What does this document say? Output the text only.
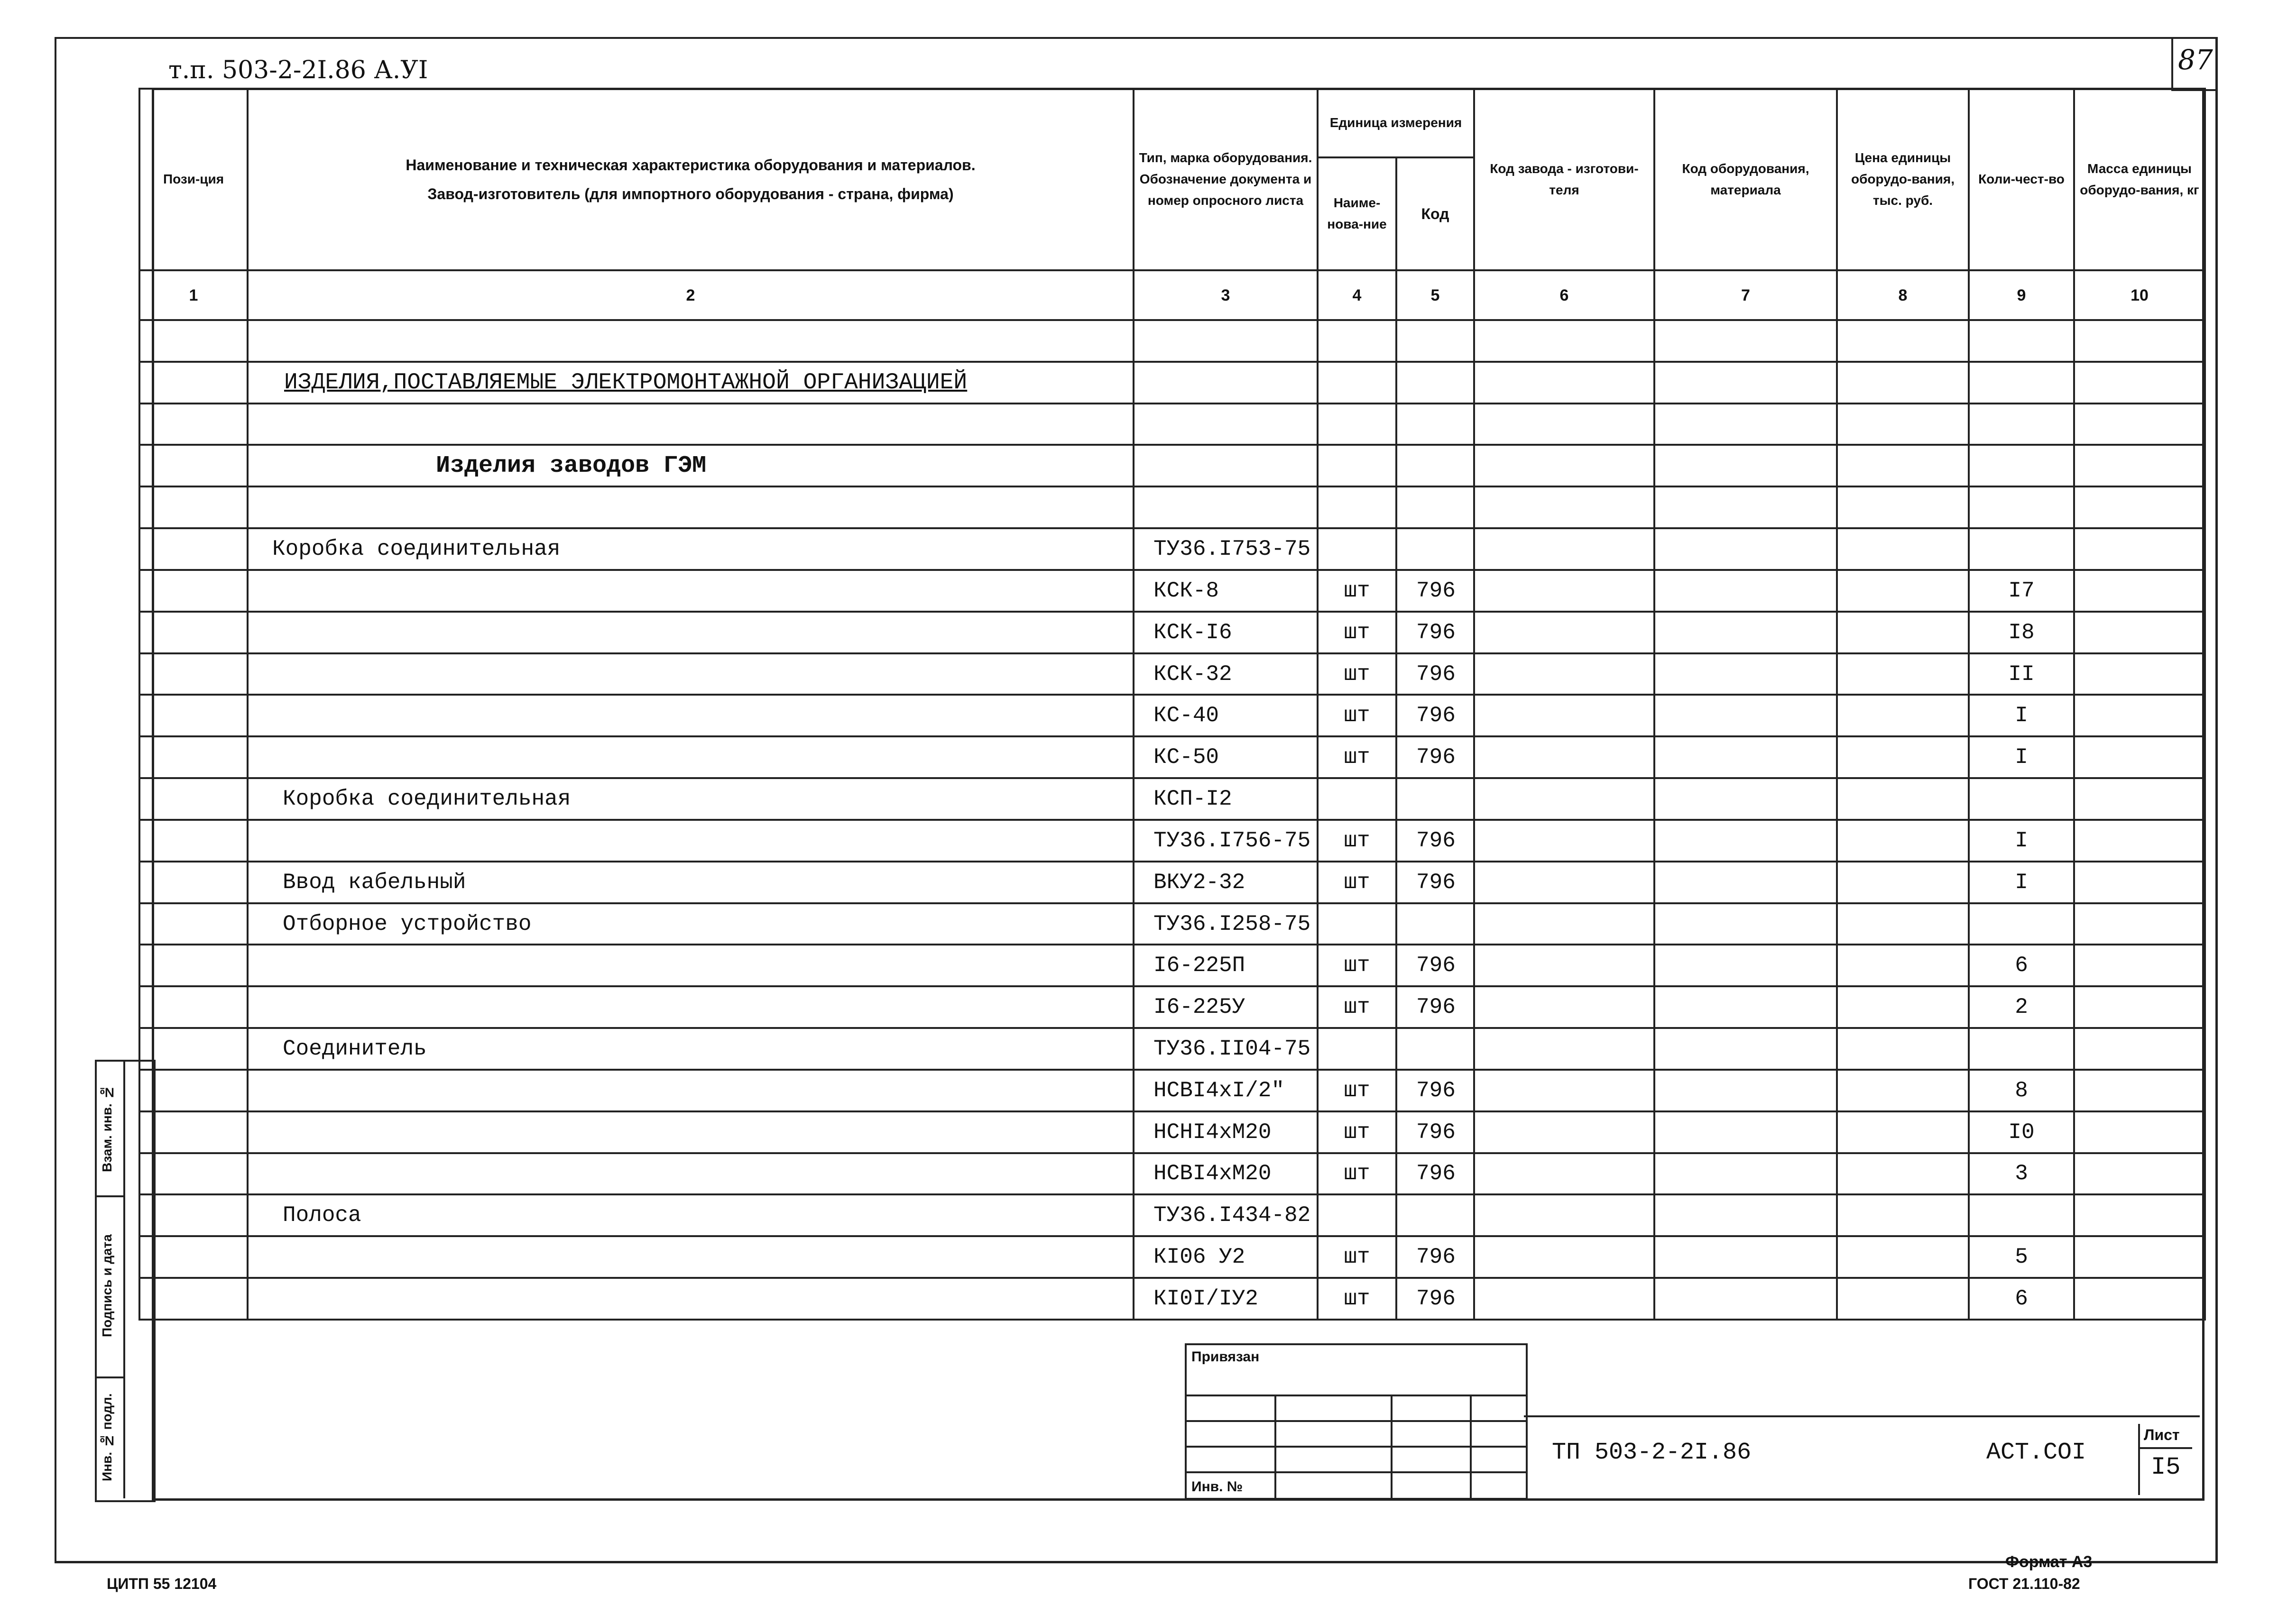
87
т.п. 503-2-2I.86 А.УI
Пози-ция	Наименование и техническая характеристика оборудования и материалов.
Завод-изготовитель (для импортного оборудования - страна, фирма)	Тип, марка оборудования. Обозначение документа и номер опросного листа	Единица измерения		Код завода - изготови-теля	Код оборудования, материала	Цена единицы оборудо-вания, тыс. руб.	Коли-чест-во	Масса единицы оборудо-вания, кг
			Наиме-нова-ние	Код					
1	2	3	4	5	6	7	8	9	10

	ИЗДЕЛИЯ,ПОСТАВЛЯЕМЫЕ ЭЛЕКТРОМОНТАЖНОЙ ОРГАНИЗАЦИЕЙ								

	Изделия заводов ГЭМ								

	Коробка соединительная	ТУ36.I753-75							
		КСК-8	шт	796				I7	
		КСК-I6	шт	796				I8	
		КСК-32	шт	796				II	
		КС-40	шт	796				I	
		КС-50	шт	796				I	
	Коробка соединительная	КСП-I2							
		ТУ36.I756-75	шт	796				I	
	Ввод кабельный	ВКУ2-32	шт	796				I	
	Отборное устройство	ТУ36.I258-75							
		I6-225П	шт	796				6	
		I6-225У	шт	796				2	
	Соединитель	ТУ36.II04-75							
		НСВI4хI/2"	шт	796				8	
		НСНI4хМ20	шт	796				I0	
		НСВI4хМ20	шт	796				3	
	Полоса	ТУ36.I434-82							
		КI06 У2	шт	796				5	
		КI0I/IУ2	шт	796				6	
Взам. инв. №
Подпись и дата
Инв. № подл.
Привязан
Инв. №
ТП 503-2-2I.86	АСТ.СОI
Лист
I5
ЦИТП 55 12104
Формат А3
ГОСТ 21.110-82
